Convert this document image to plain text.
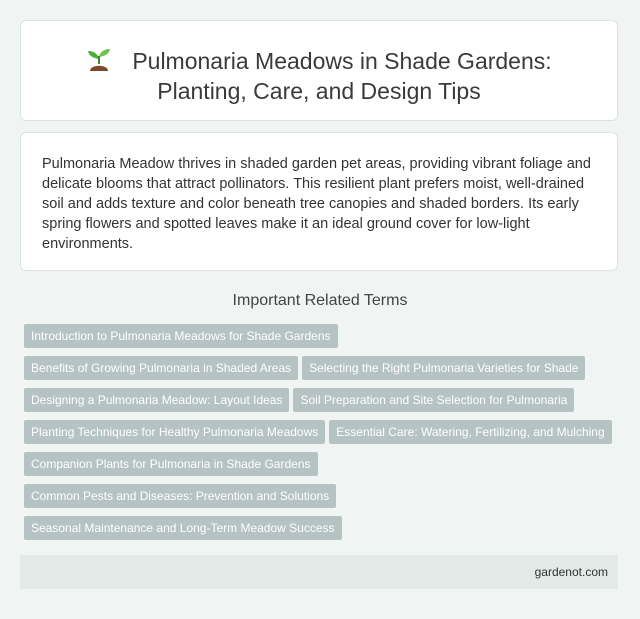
Pulmonaria Meadows in Shade Gardens:
Planting, Care, and Design Tips

Pulmonaria Meadow thrives in shaded garden pet areas, providing vibrant foliage and delicate blooms that attract pollinators. This resilient plant prefers moist, well-drained soil and adds texture and color beneath tree canopies and shaded borders. Its early spring flowers and spotted leaves make it an ideal ground cover for low-light environments.

Important Related Terms
Introduction to Pulmonaria Meadows for Shade Gardens
Benefits of Growing Pulmonaria in Shaded Areas Selecting the Right Pulmonaria Varieties for Shade
Designing a Pulmonaria Meadow: Layout Ideas Soil Preparation and Site Selection for Pulmonaria
Planting Techniques for Healthy Pulmonaria Meadows Essential Care: Watering, Fertilizing, and Mulching
Companion Plants for Pulmonaria in Shade Gardens
Common Pests and Diseases: Prevention and Solutions
Seasonal Maintenance and Long-Term Meadow Success
gardenot.com
